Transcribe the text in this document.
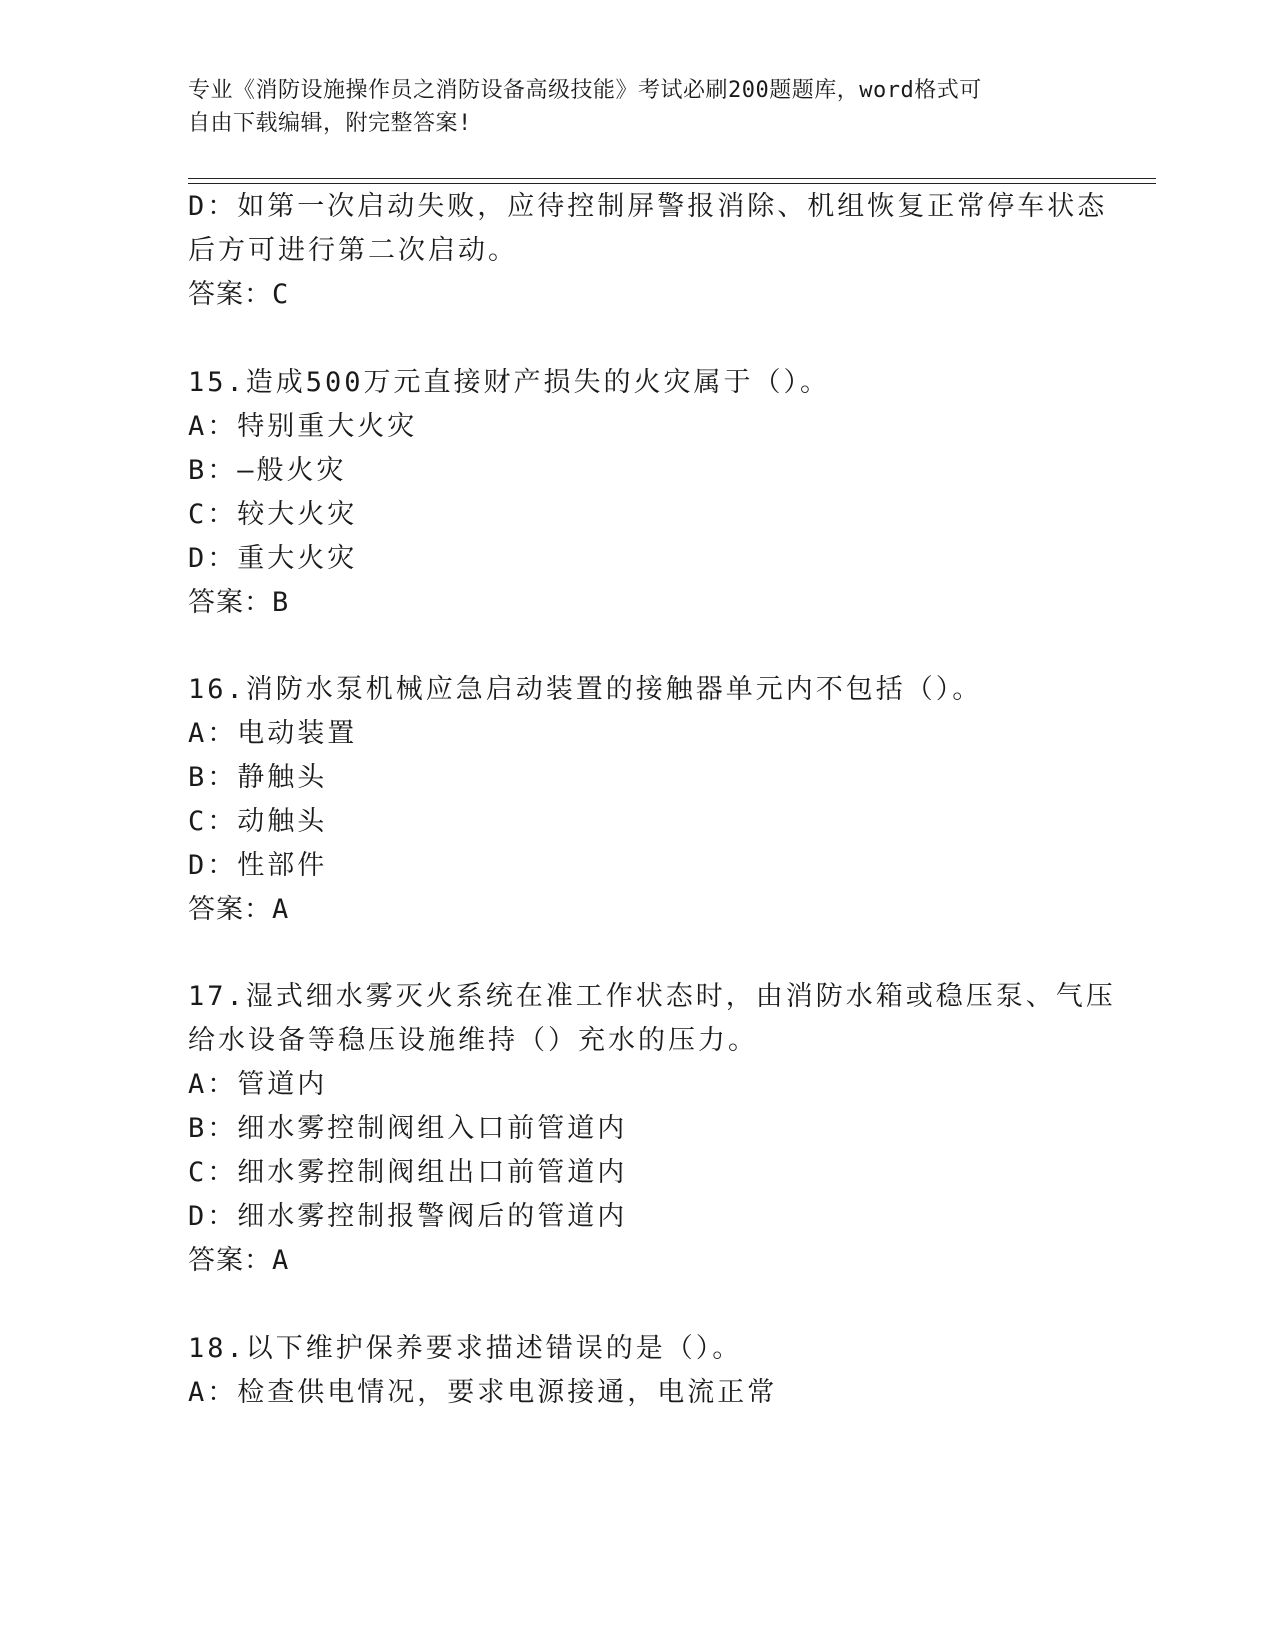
专业《消防设施操作员之消防设备高级技能》考试必刷200题题库，word格式可
自由下载编辑，附完整答案!
D：如第一次启动失败，应待控制屏警报消除、机组恢复正常停车状态
后方可进行第二次启动。
答案：C
15.造成500万元直接财产损失的火灾属于（）。
A：特别重大火灾
B：—般火灾
C：较大火灾
D：重大火灾
答案：B
16.消防水泵机械应急启动装置的接触器单元内不包括（）。
A：电动装置
B：静触头
C：动触头
D：性部件
答案：A
17.湿式细水雾灭火系统在准工作状态时，由消防水箱或稳压泵、气压
给水设备等稳压设施维持（）充水的压力。
A：管道内
B：细水雾控制阀组入口前管道内
C：细水雾控制阀组出口前管道内
D：细水雾控制报警阀后的管道内
答案：A
18.以下维护保养要求描述错误的是（）。
A：检查供电情况，要求电源接通，电流正常
